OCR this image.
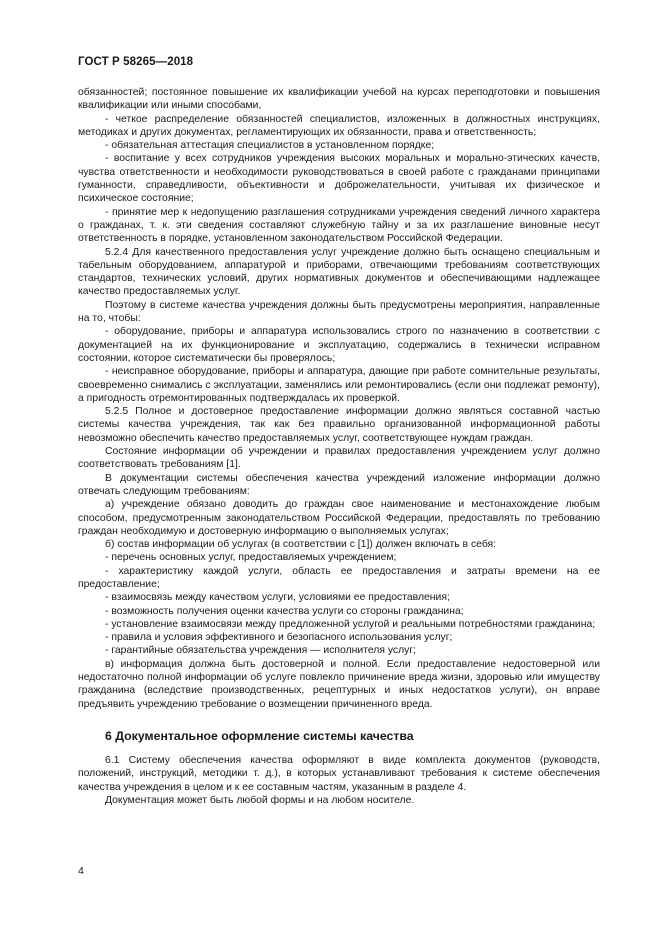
ГОСТ Р 58265—2018

обязанностей; постоянное повышение их квалификации учебой на курсах переподготовки и повышения квалификации или иными способами,

- четкое распределение обязанностей специалистов, изложенных в должностных инструкциях, методиках и других документах, регламентирующих их обязанности, права и ответственность;

- обязательная аттестация специалистов в установленном порядке;

- воспитание у всех сотрудников учреждения высоких моральных и морально-этических качеств, чувства ответственности и необходимости руководствоваться в своей работе с гражданами принципами гуманности, справедливости, объективности и доброжелательности, учитывая их физическое и психическое состояние;

- принятие мер к недопущению разглашения сотрудниками учреждения сведений личного характера о гражданах, т. к. эти сведения составляют служебную тайну и за их разглашение виновные несут ответственность в порядке, установленном законодательством Российской Федерации.

5.2.4 Для качественного предоставления услуг учреждение должно быть оснащено специальным и табельным оборудованием, аппаратурой и приборами, отвечающими требованиям соответствующих стандартов, технических условий, других нормативных документов и обеспечивающими надлежащее качество предоставляемых услуг.

Поэтому в системе качества учреждения должны быть предусмотрены мероприятия, направленные на то, чтобы:

- оборудование, приборы и аппаратура использовались строго по назначению в соответствии с документацией на их функционирование и эксплуатацию, содержались в технически исправном состоянии, которое систематически бы проверялось;

- неисправное оборудование, приборы и аппаратура, дающие при работе сомнительные результаты, своевременно снимались с эксплуатации, заменялись или ремонтировались (если они подлежат ремонту), а пригодность отремонтированных подтверждалась их проверкой.

5.2.5 Полное и достоверное предоставление информации должно являться составной частью системы качества учреждения, так как без правильно организованной информационной работы невозможно обеспечить качество предоставляемых услуг, соответствующее нуждам граждан.

Состояние информации об учреждении и правилах предоставления учреждением услуг должно соответствовать требованиям [1].

В документации системы обеспечения качества учреждений изложение информации должно отвечать следующим требованиям:

а) учреждение обязано доводить до граждан свое наименование и местонахождение любым способом, предусмотренным законодательством Российской Федерации, предоставлять по требованию граждан необходимую и достоверную информацию о выполняемых услугах;

б) состав информации об услугах (в соответствии с [1]) должен включать в себя:

- перечень основных услуг, предоставляемых учреждением;

- характеристику каждой услуги, область ее предоставления и затраты времени на ее предоставление;

- взаимосвязь между качеством услуги, условиями ее предоставления;

- возможность получения оценки качества услуги со стороны гражданина;

- установление взаимосвязи между предложенной услугой и реальными потребностями гражданина;

- правила и условия эффективного и безопасного использования услуг;

- гарантийные обязательства учреждения — исполнителя услуг;

в) информация должна быть достоверной и полной. Если предоставление недостоверной или недостаточно полной информации об услуге повлекло причинение вреда жизни, здоровью или имуществу гражданина (вследствие производственных, рецептурных и иных недостатков услуги), он вправе предъявить учреждению требование о возмещении причиненного вреда.

6 Документальное оформление системы качества

6.1 Систему обеспечения качества оформляют в виде комплекта документов (руководств, положений, инструкций, методики т. д.), в которых устанавливают требования к системе обеспечения качества учреждения в целом и к ее составным частям, указанным в разделе 4.

Документация может быть любой формы и на любом носителе.

4
